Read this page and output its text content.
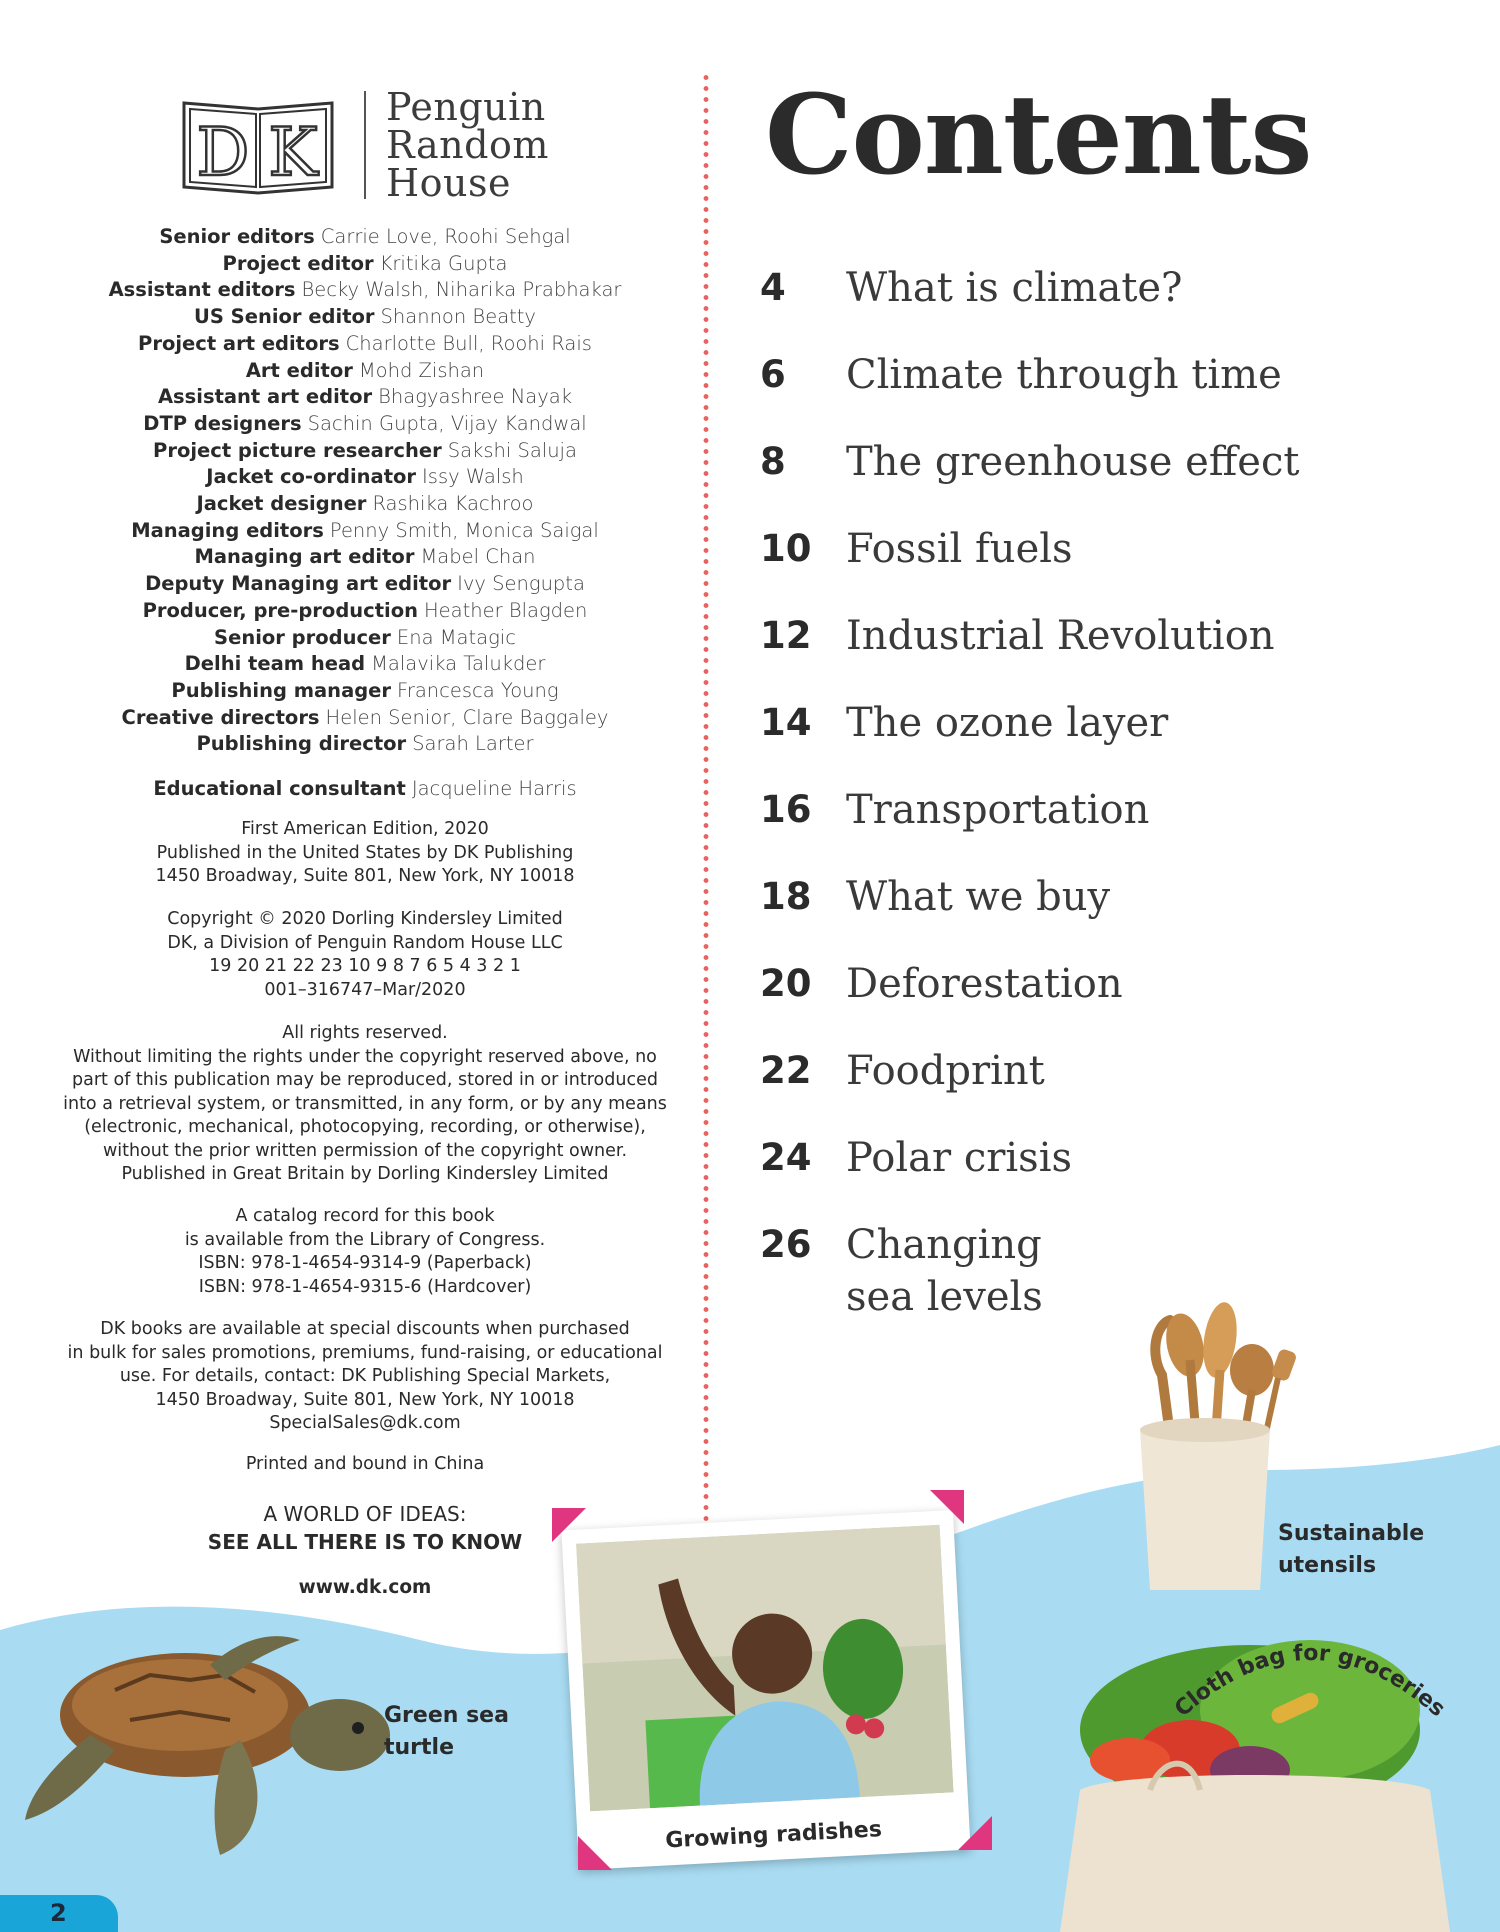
D K
Penguin
Random
House
Senior editors Carrie Love, Roohi Sehgal
Project editor Kritika Gupta
Assistant editors Becky Walsh, Niharika Prabhakar
US Senior editor Shannon Beatty
Project art editors Charlotte Bull, Roohi Rais
Art editor Mohd Zishan
Assistant art editor Bhagyashree Nayak
DTP designers Sachin Gupta, Vijay Kandwal
Project picture researcher Sakshi Saluja
Jacket co-ordinator Issy Walsh
Jacket designer Rashika Kachroo
Managing editors Penny Smith, Monica Saigal
Managing art editor Mabel Chan
Deputy Managing art editor Ivy Sengupta
Producer, pre-production Heather Blagden
Senior producer Ena Matagic
Delhi team head Malavika Talukder
Publishing manager Francesca Young
Creative directors Helen Senior, Clare Baggaley
Publishing director Sarah Larter
Educational consultant Jacqueline Harris
First American Edition, 2020
Published in the United States by DK Publishing
1450 Broadway, Suite 801, New York, NY 10018
Copyright © 2020 Dorling Kindersley Limited
DK, a Division of Penguin Random House LLC
19 20 21 22 23 10 9 8 7 6 5 4 3 2 1
001–316747–Mar/2020
All rights reserved.
Without limiting the rights under the copyright reserved above, no
part of this publication may be reproduced, stored in or introduced
into a retrieval system, or transmitted, in any form, or by any means
(electronic, mechanical, photocopying, recording, or otherwise),
without the prior written permission of the copyright owner.
Published in Great Britain by Dorling Kindersley Limited
A catalog record for this book
is available from the Library of Congress.
ISBN: 978-1-4654-9314-9 (Paperback)
ISBN: 978-1-4654-9315-6 (Hardcover)
DK books are available at special discounts when purchased
in bulk for sales promotions, premiums, fund-raising, or educational
use. For details, contact: DK Publishing Special Markets,
1450 Broadway, Suite 801, New York, NY 10018
SpecialSales@dk.com
Printed and bound in China
A WORLD OF IDEAS:
SEE ALL THERE IS TO KNOW
www.dk.com
Contents
4	What is climate?
6	Climate through time
8	The greenhouse effect
10 Fossil fuels
12 Industrial Revolution
14 The ozone layer
16 Transportation
18 What we buy
20 Deforestation
22 Foodprint
24 Polar crisis
26 Changing
sea levels
Growing radishes
Green sea
turtle
Sustainable
utensils
Cloth bag for groceries
2
